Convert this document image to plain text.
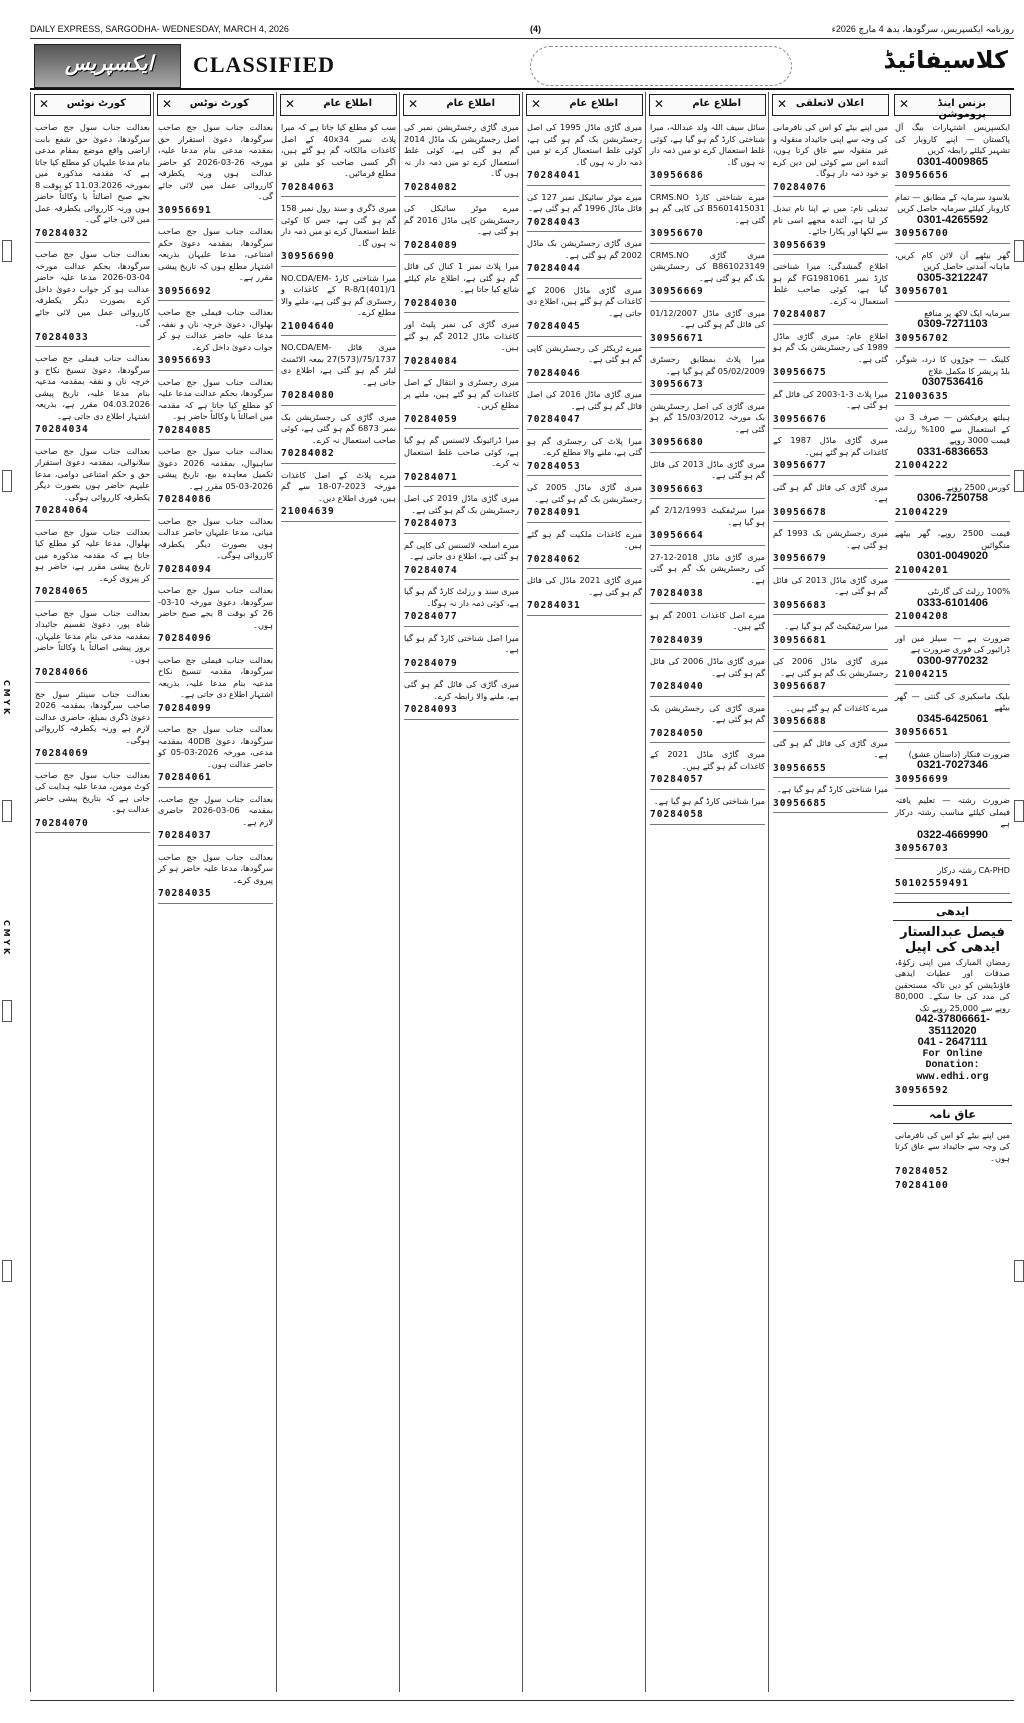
DAILY EXPRESS, SARGODHA- WEDNESDAY, MARCH 4, 2026	(4)	روزنامہ ایکسپریس، سرگودھا، بدھ 4 مارچ 2026ء
ایکسپریس CLASSIFIED	کلاسیفائیڈ
کورٹ نوٹس ✕
بعدالت جناب سول جج صاحب سرگودھا، دعویٰ حق شفع بابت اراضی واقع موضع بمقام مدعی بنام مدعا علیہان کو مطلع کیا جاتا ہے کہ مقدمہ مذکورہ میں بمورخہ 11.03.2026 کو بوقت 8 بجے صبح اصالتاً یا وکالتاً حاضر ہوں ورنہ کارروائی یکطرفہ عمل میں لائی جائے گی۔
70284032
بعدالت جناب سول جج صاحب سرگودھا، بحکم عدالت مورخہ 04-03-2026 مدعا علیہ حاضر عدالت ہو کر جواب دعویٰ داخل کرے بصورت دیگر یکطرفہ کارروائی عمل میں لائی جائے گی۔
70284033
بعدالت جناب فیملی جج صاحب سرگودھا، دعویٰ تنسیخ نکاح و خرچہ نان و نفقہ بمقدمہ مدعیہ بنام مدعا علیہ، تاریخ پیشی 04.03.2026 مقرر ہے، بذریعہ اشتہار اطلاع دی جاتی ہے۔
70284034
بعدالت جناب سول جج صاحب سلانوالی، بمقدمہ دعویٰ استقرار حق و حکم امتناعی دوامی، مدعا علیہم حاضر ہوں بصورت دیگر یکطرفہ کارروائی ہوگی۔
70284064
بعدالت جناب سول جج صاحب بھلوال، مدعا علیہ کو مطلع کیا جاتا ہے کہ مقدمہ مذکورہ میں تاریخ پیشی مقرر ہے، حاضر ہو کر پیروی کرے۔
70284065
بعدالت جناب سول جج صاحب شاہ پور، دعویٰ تقسیم جائیداد بمقدمہ مدعی بنام مدعا علیہان، بروز پیشی اصالتاً یا وکالتاً حاضر ہوں۔
70284066
بعدالت جناب سینئر سول جج صاحب سرگودھا، بمقدمہ 2026 دعویٰ ڈگری بمبلغ، حاضری عدالت لازم ہے ورنہ یکطرفہ کارروائی ہوگی۔
70284069
بعدالت جناب سول جج صاحب کوٹ مومن، مدعا علیہ ہدایت کی جاتی ہے کہ بتاریخ پیشی حاضر عدالت ہو۔
70284070
کورٹ نوٹس ✕
بعدالت جناب سول جج صاحب سرگودھا، دعویٰ استقرار حق بمقدمہ مدعی بنام مدعا علیہ، مورخہ 26-03-2026 کو حاضر عدالت ہوں ورنہ یکطرفہ کارروائی عمل میں لائی جائے گی۔
30956691
بعدالت جناب سول جج صاحب سرگودھا، بمقدمہ دعویٰ حکم امتناعی، مدعا علیہان بذریعہ اشتہار مطلع ہوں کہ تاریخ پیشی مقرر ہے۔
30956692
بعدالت جناب فیملی جج صاحب بھلوال، دعویٰ خرچہ نان و نفقہ، مدعا علیہ حاضر عدالت ہو کر جواب دعویٰ داخل کرے۔
30956693
بعدالت جناب سول جج صاحب سرگودھا، بحکم عدالت مدعا علیہ کو مطلع کیا جاتا ہے کہ مقدمہ میں اصالتاً یا وکالتاً حاضر ہو۔
70284085
بعدالت جناب سول جج صاحب ساہیوال، بمقدمہ 2026 دعویٰ تکمیل معاہدہ بیع، تاریخ پیشی 2026-03-05 مقرر ہے۔
70284086
بعدالت جناب سول جج صاحب میانی، مدعا علیہان حاضر عدالت ہوں بصورت دیگر یکطرفہ کارروائی ہوگی۔
70284094
بعدالت جناب سول جج صاحب سرگودھا، دعویٰ مورخہ 10-03-26 کو بوقت 8 بجے صبح حاضر ہوں۔
70284096
بعدالت جناب فیملی جج صاحب سرگودھا، مقدمہ تنسیخ نکاح مدعیہ بنام مدعا علیہ، بذریعہ اشتہار اطلاع دی جاتی ہے۔
70284099
بعدالت جناب سول جج صاحب سرگودھا، دعویٰ 40DB بمقدمہ مدعی، مورخہ 2026-03-05 کو حاضر عدالت ہوں۔
70284061
بعدالت جناب سول جج صاحب، بمقدمہ 06-03-2026 حاضری لازم ہے۔
70284037
بعدالت جناب سول جج صاحب سرگودھا، مدعا علیہ حاضر ہو کر پیروی کرے۔
70284035
اطلاع عام ✕
سب کو مطلع کیا جاتا ہے کہ میرا پلاٹ نمبر 40x34 کے اصل کاغذات مالکانہ گم ہو گئے ہیں، اگر کسی صاحب کو ملیں تو مطلع فرمائیں۔
70284063
میری ڈگری و سند رول نمبر 158 گم ہو گئی ہے، جس کا کوئی غلط استعمال کرے تو میں ذمہ دار نہ ہوں گا۔
30956690
میرا شناختی کارڈ NO.CDA/EM-R-8/1(401)/1 کے کاغذات و رجسٹری گم ہو گئی ہے، ملنے والا مطلع کرے۔
21004640
میری فائل NO.CDA/EM-27(573)/75/1737 بمعہ الاٹمنٹ لیٹر گم ہو گئی ہے، اطلاع دی جاتی ہے۔
70284080
میری گاڑی کی رجسٹریشن بک نمبر 6873 گم ہو گئی ہے، کوئی صاحب استعمال نہ کرے۔
70284082
میرے پلاٹ کے اصل کاغذات مورخہ 2023-07-18 سے گم ہیں، فوری اطلاع دیں۔
21004639
اطلاع عام ✕
میری گاڑی رجسٹریشن نمبر کی اصل رجسٹریشن بک ماڈل 2014 گم ہو گئی ہے، کوئی غلط استعمال کرے تو میں ذمہ دار نہ ہوں گا۔
70284082
میرے موٹر سائیکل کی رجسٹریشن کاپی ماڈل 2016 گم ہو گئی ہے۔
70284089
میرا پلاٹ نمبر 1 کنال کی فائل گم ہو گئی ہے، اطلاع عام کیلئے شائع کیا جاتا ہے۔
70284030
میری گاڑی کی نمبر پلیٹ اور کاغذات ماڈل 2012 گم ہو گئے ہیں۔
70284084
میری رجسٹری و انتقال کے اصل کاغذات گم ہو گئے ہیں، ملنے پر مطلع کریں۔
70284059
میرا ڈرائیونگ لائسنس گم ہو گیا ہے، کوئی صاحب غلط استعمال نہ کرے۔
70284071
میری گاڑی ماڈل 2019 کی اصل رجسٹریشن بک گم ہو گئی ہے۔
70284073
میرے اسلحہ لائسنس کی کاپی گم ہو گئی ہے، اطلاع دی جاتی ہے۔
70284074
میری سند و رزلٹ کارڈ گم ہو گیا ہے، کوئی ذمہ دار نہ ہوگا۔
70284077
میرا اصل شناختی کارڈ گم ہو گیا ہے۔
70284079
میری گاڑی کی فائل گم ہو گئی ہے، ملنے والا رابطہ کرے۔
70284093
اطلاع عام ✕
میری گاڑی ماڈل 1995 کی اصل رجسٹریشن بک گم ہو گئی ہے، کوئی غلط استعمال کرے تو میں ذمہ دار نہ ہوں گا۔
70284041
میرے موٹر سائیکل نمبر 127 کی فائل ماڈل 1996 گم ہو گئی ہے۔
70284043
میری گاڑی رجسٹریشن بک ماڈل 2002 گم ہو گئی ہے۔
70284044
میری گاڑی ماڈل 2006 کے کاغذات گم ہو گئے ہیں، اطلاع دی جاتی ہے۔
70284045
میرے ٹریکٹر کی رجسٹریشن کاپی گم ہو گئی ہے۔
70284046
میری گاڑی ماڈل 2016 کی اصل فائل گم ہو گئی ہے۔
70284047
میرا پلاٹ کی رجسٹری گم ہو گئی ہے، ملنے والا مطلع کرے۔
70284053
میری گاڑی ماڈل 2005 کی رجسٹریشن بک گم ہو گئی ہے۔
70284091
میرے کاغذات ملکیت گم ہو گئے ہیں۔
70284062
میری گاڑی 2021 ماڈل کی فائل گم ہو گئی ہے۔
70284031
اطلاع عام ✕
سائل سیف اللہ ولد عبداللہ، میرا شناختی کارڈ گم ہو گیا ہے، کوئی غلط استعمال کرے تو میں ذمہ دار نہ ہوں گا۔
30956686
میرے شناختی کارڈ CRMS.NO B5601415031 کی کاپی گم ہو گئی ہے۔
30956670
میری گاڑی CRMS.NO B861023149 کی رجسٹریشن بک گم ہو گئی ہے۔
30956669
میری گاڑی ماڈل 01/12/2007 کی فائل گم ہو گئی ہے۔
30956671
میرا پلاٹ بمطابق رجسٹری 05/02/2009 گم ہو گیا ہے۔
30956673
میری گاڑی کی اصل رجسٹریشن بک مورخہ 15/03/2012 گم ہو گئی ہے۔
30956680
میری گاڑی ماڈل 2013 کی فائل گم ہو گئی ہے۔
30956663
میرا سرٹیفکیٹ 2/12/1993 گم ہو گیا ہے۔
30956664
میری گاڑی ماڈل 2018-12-27 کی رجسٹریشن بک گم ہو گئی ہے۔
70284038
میرے اصل کاغذات 2001 گم ہو گئے ہیں۔
70284039
میری گاڑی ماڈل 2006 کی فائل گم ہو گئی ہے۔
70284040
میری گاڑی کی رجسٹریشن بک گم ہو گئی ہے۔
70284050
میری گاڑی ماڈل 2021 کے کاغذات گم ہو گئے ہیں۔
70284057
میرا شناختی کارڈ گم ہو گیا ہے۔
70284058
اعلان لاتعلقی ✕
میں اپنے بیٹے کو اس کی نافرمانی کی وجہ سے اپنی جائیداد منقولہ و غیر منقولہ سے عاق کرتا ہوں، آئندہ اس سے کوئی لین دین کرے تو خود ذمہ دار ہوگا۔
70284076
تبدیلی نام: میں نے اپنا نام تبدیل کر لیا ہے، آئندہ مجھے اسی نام سے لکھا اور پکارا جائے۔
30956639
اطلاع گمشدگی: میرا شناختی کارڈ نمبر FG1981061 گم ہو گیا ہے، کوئی صاحب غلط استعمال نہ کرے۔
70284087
اطلاع عام: میری گاڑی ماڈل 1989 کی رجسٹریشن بک گم ہو گئی ہے۔
30956675
میرا پلاٹ 3-1-2003 کی فائل گم ہو گئی ہے۔
30956676
میری گاڑی ماڈل 1987 کے کاغذات گم ہو گئے ہیں۔
30956677
میری گاڑی کی فائل گم ہو گئی ہے۔
30956678
میری رجسٹریشن بک 1993 گم ہو گئی ہے۔
30956679
میری گاڑی ماڈل 2013 کی فائل گم ہو گئی ہے۔
30956683
میرا سرٹیفکیٹ گم ہو گیا ہے۔
30956681
میری گاڑی ماڈل 2006 کی رجسٹریشن بک گم ہو گئی ہے۔
30956687
میرے کاغذات گم ہو گئے ہیں۔
30956688
میری گاڑی کی فائل گم ہو گئی ہے۔
30956655
میرا شناختی کارڈ گم ہو گیا ہے۔
30956685
بزنس اینڈ پروموشن ✕
ایکسپریس اشتہارات بیگ آل پاکستان — اپنے کاروبار کی تشہیر کیلئے رابطہ کریں
0301-4009865
30956656
بلاسود سرمایہ کے مطابق — تمام کاروبار کیلئے سرمایہ حاصل کریں
0301-4265592
30956700
گھر بیٹھے آن لائن کام کریں، ماہانہ آمدنی حاصل کریں
0305-3212247
30956701
سرمایہ ایک لاکھ پر منافع
0309-7271103
30956702
کلینک — جوڑوں کا درد، شوگر، بلڈ پریشر کا مکمل علاج
0307536416
21003635
ہیلتھ پرفیکشن — صرف 3 دن کے استعمال سے 100% رزلٹ، قیمت 3000 روپے
0331-6836653
21004222
کورس 2500 روپے
0306-7250758
21004229
قیمت 2500 روپے، گھر بیٹھے منگوائیں
0301-0049020
21004201
100% رزلٹ کی گارنٹی
0333-6101406
21004208
ضرورت ہے — سیلز مین اور ڈرائیور کی فوری ضرورت ہے
0300-9770232
21004215
بلیک ماسکیری کی گنتی — گھر بیٹھے
0345-6425061
30956651
ضرورت فنکار (داستان عشق)
0321-7027346
30956699
ضرورت رشتہ — تعلیم یافتہ فیملی کیلئے مناسب رشتہ درکار ہے
0322-4669990
30956703
CA-PHD رشتہ درکار
50102559491
ایدھی
فیصل عبدالستار ایدھی کی اپیل
رمضان المبارک میں اپنی زکوٰۃ، صدقات اور عطیات ایدھی فاؤنڈیشن کو دیں تاکہ مستحقین کی مدد کی جا سکے۔ 80,000 روپے سے 25,000 روپے تک
042-37806661-35112020
041 - 2647111
For Online Donation:
www.edhi.org
30956592
عاق نامہ
میں اپنے بیٹے کو اس کی نافرمانی کی وجہ سے جائیداد سے عاق کرتا ہوں۔
70284052
70284100
C M Y K
C M Y K
